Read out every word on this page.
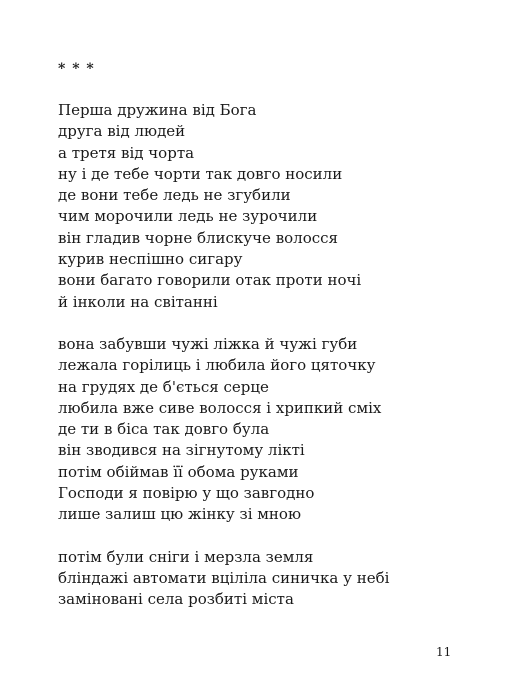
* * *
Перша дружина від Бога
друга від людей
а третя від чорта
ну і де тебе чорти так довго носили
де вони тебе ледь не згубили
чим морочили ледь не зурочили
він гладив чорне блискуче волосся
курив неспішно сигару
вони багато говорили отак проти ночі
й інколи на світанні
вона забувши чужі ліжка й чужі губи
лежала горілиць і любила його цяточку
на грудях де б'ється серце
любила вже сиве волосся і хрипкий сміх
де ти в біса так довго була
він зводився на зігнутому лікті
потім обіймав її обома руками
Господи я повірю у що завгодно
лише залиш цю жінку зі мною
потім були сніги і мерзла земля
бліндажі автомати вцілілa синичка у небі
заміновані села розбиті міста
11
